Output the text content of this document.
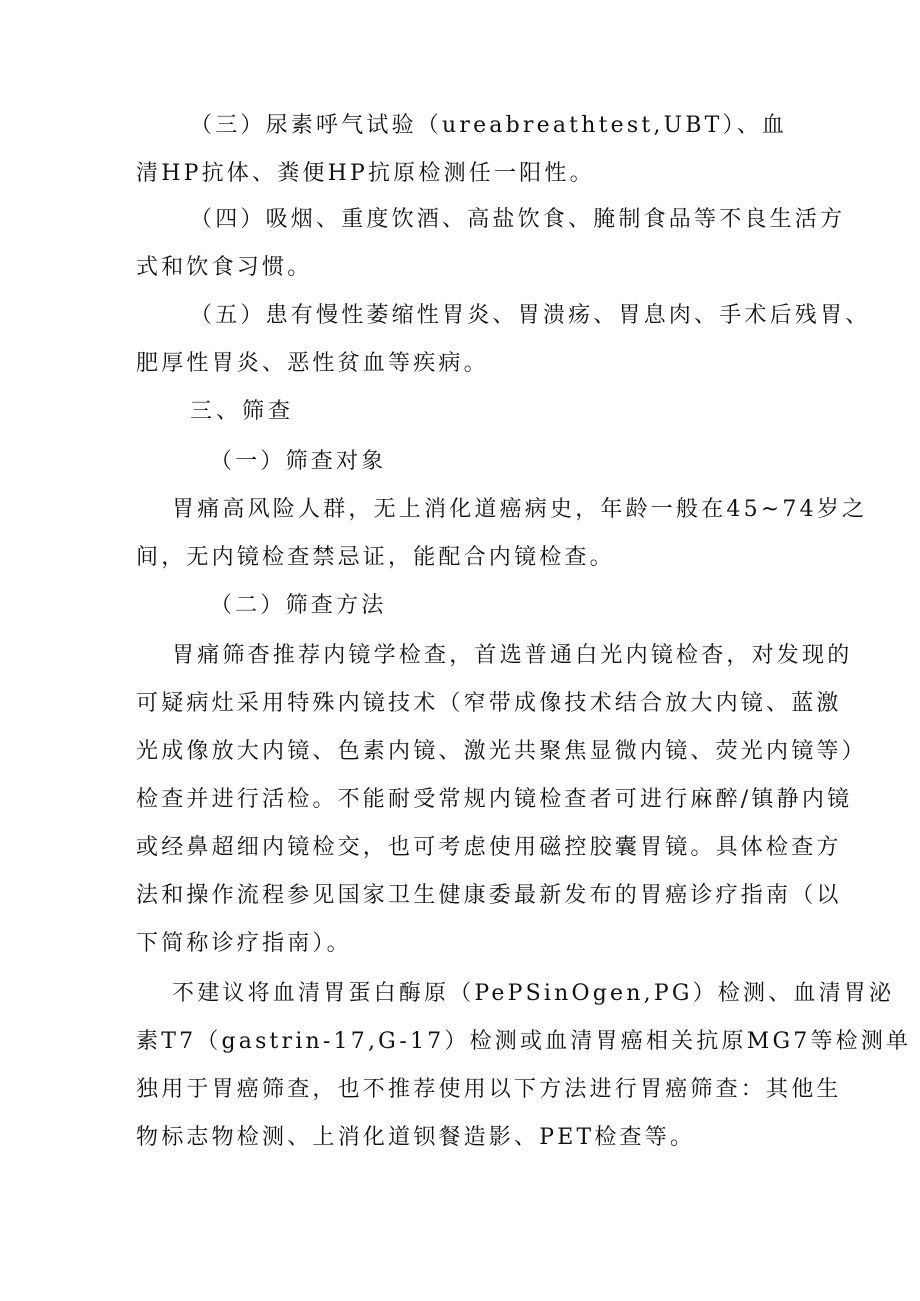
（三）尿素呼气试验（ureabreathtest,UBT）、血
清HP抗体、粪便HP抗原检测任一阳性。
（四）吸烟、重度饮酒、高盐饮食、腌制食品等不良生活方
式和饮食习惯。
（五）患有慢性萎缩性胃炎、胃溃疡、胃息肉、手术后残胃、
肥厚性胃炎、恶性贫血等疾病。
三、筛查
（一）筛查对象
胃痛高风险人群，无上消化道癌病史，年龄一般在45~74岁之
间，无内镜检查禁忌证，能配合内镜检查。
（二）筛查方法
胃痛筛杳推荐内镜学检查，首选普通白光内镜检杳，对发现的
可疑病灶采用特殊内镜技术（窄带成像技术结合放大内镜、蓝激
光成像放大内镜、色素内镜、激光共聚焦显微内镜、荧光内镜等）
检查并进行活检。不能耐受常规内镜检查者可进行麻醉/镇静内镜
或经鼻超细内镜检交，也可考虑使用磁控胶囊胃镜。具体检查方
法和操作流程参见国家卫生健康委最新发布的胃癌诊疗指南（以
下简称诊疗指南）。
不建议将血清胃蛋白酶原（PePSinOgen,PG）检测、血清胃泌
素T7（gastrin-17,G-17）检测或血清胃癌相关抗原MG7等检测单
独用于胃癌筛查，也不推荐使用以下方法进行胃癌筛查：其他生
物标志物检测、上消化道钡餐造影、PET检查等。
